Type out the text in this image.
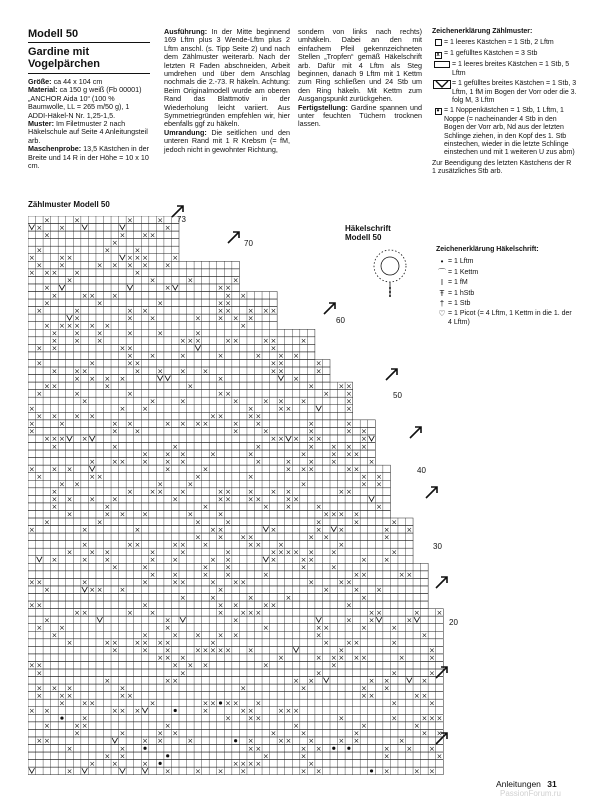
Modell 50
Gardine mit
Vogelpärchen
Größe: ca 44 x 104 cm
Material: ca 150 g weiß (Fb 00001) „ANCHOR Aida 10“ (100 % Baumwolle, LL = 265 m/50 g), 1 ADDI-Häkel-N Nr. 1,25-1,5.
Muster: Im Filetmuster 2 nach Häkelschule auf Seite 4 Anleitungsteil arb.
Maschenprobe: 13,5 Kästchen in der Breite und 14 R in der Höhe = 10 x 10 cm.
Ausführung: In der Mitte beginnend 169 Lftm plus 3 Wende-Lftm plus 2 Lftm anschl. (s. Tipp Seite 2) und nach dem Zählmuster weiterarb. Nach der letzten R Faden abschneiden, Arbeit umdrehen und über dem Anschlag nochmals die 2.-73. R häkeln. Achtung: Beim Originalmodell wurde am oberen Rand das Blattmotiv in der Wiederholung leicht variiert. Aus Symmetriegründen empfehlen wir, hier ebenfalls ggf zu häkeln.
Umrandung: Die seitlichen und den unteren Rand mit 1 R Krebsm (= fM, jedoch nicht in gewohnter Richtung,
sondern von links nach rechts) umhäkeln. Dabei an den mit einfachem Pfeil gekennzeichneten Stellen „Tropfen“ gemäß Häkelschrift arb. Dafür mit 4 Lftm als Steg beginnen, danach 9 Lftm mit 1 Kettm zum Ring schließen und 24 Stb um den Ring häkeln. Mit Kettm zum Ausgangspunkt zurückgehen.
Fertigstellung: Gardine spannen und unter feuchten Tüchern trocknen lassen.
Zeichenerklärung Zählmuster:
= 1 leeres Kästchen = 1 Stb, 2 Lftm
x = 1 gefülltes Kästchen = 3 Stb
= 1 leeres breites Kästchen = 1 Stb, 5 Lftm
= 1 gefülltes breites Kästchen = 1 Stb, 3 Lftm, 1 fM im Bogen der Vorr oder die 3. folg M, 3 Lftm
• = 1 Noppenkästchen = 1 Stb, 1 Lftm, 1 Noppe (= nacheinander 4 Stb in den Bogen der Vorr arb, Nd aus der letzten Schlinge ziehen, in den Kopf des 1. Stb einstechen, wieder in die letzte Schlinge einstechen und mit 1 weiteren U zus abm)
Zur Beendigung des letzten Kästchens der R 1 zusätzliches Stb arb.
Zählmuster Modell 50
Häkelschrift
Modell 50
Zeichenerklärung Häkelschrift:
• = 1 Lftm
⌒ = 1 Kettm
I = 1 fM
Ŧ = 1 hStb
† = 1 Stb
♡ = 1 Picot (= 4 Lftm, 1 Kettm in die 1. der 4 Lftm)
×	×	×	×
× ×	×
×	× × ×
×
×	×	×
×	× ×	× × ×	×
× ×	× × × × ×
× × × ×	×
×	×	×	×
×	×	× ×
×	× × ×	× ×
×	×	×	× ×
×	×	× ×	× × × × ×
×	× ×	× × × ×
× × × × × ×	×
× × ×	×	×	×
× × ×	× × ×	× ×	× ×	×
× ×	× ×	×
× ×	×	×	× × ×
×	×	× ×	× ×	×
× × ×	× × × ×	× ×	×
× × × ×	×	×
× ×	×	×	×	× ×
×	×	×	× ×	× ×
×	×	×	×	× × ×	×
×	× ×	×	× ×	×
× × × ×	× ×	× ×
×	×	× ×	× × × ×	× ×	×	×
×	× ×	×	×	×	× ×
× × × ×	× × × × ×	×
×	×	×	×	× × × ×
× × ×	×	×	×	× × ×
× × × × × ×	×	× × ×	×
× × ×	×	×	× × ×	× ×
×	× ×	×	×	× ×
× ×	×	×	×	× ×
×	× × × ×	× × × × ×	× ×
× × × ×	×	× × × ×	× ×
×	×	×	× ×	×	×
×	× × ×	×	×	× × × ×
×	×	×	×	×	×	×
×	×	×	× ×	×	× ×	× ×
× × × ×	× ×	×
×	× ×	× × ×	× × ×	×
× × ×	×	×	×	× × × × × ×	×
×	× ×	× ×	× ×	×	× ×	× ×
×	×	× ×	×	×
× ×	× ×	×	× ×	× ×
× ×	×	×	× ×	× × ×	×	× ×
×	× × ×	×	×	× ×
×	×	×	×	×
× ×	×	× ×	× ×	×
× ×	× ×	× × × ×	× ×	× ×
×	×	×	× ×	×
× ×	×	×	× ×	×	×
×	×	× × × ×	×	×
×	× × × × × ×	×	× × ×	×
×	× ×	× × × × × ×	×	×
× × ×	×	× × × × ×	×	×
× ×	× × ×	×	×
×	×	×	×	×
×	× ×	× ×	× ×	×
× × ×	×	×	×	× ×
× × ×	× ×	× ×	× ×
× × ×	×	× × × × ×	×	×
× ×	× × ×	×	× ×	× × ×
×	× × ×	×	×	× × ×
×	× ×	×	×	×	×
×	×	× ×	×	×	×	× ×
× ×	× ×	×	×	× × ×	× ×	×
×	×	× ×	× ×	× × ×
× ×	×	×	×	×
× ×	×	× × × ×	×
×	×	× × ×	× ×	×	× ×
73
70
60
50
40
30
20
Anleitungen 31
PassionForum.ru
